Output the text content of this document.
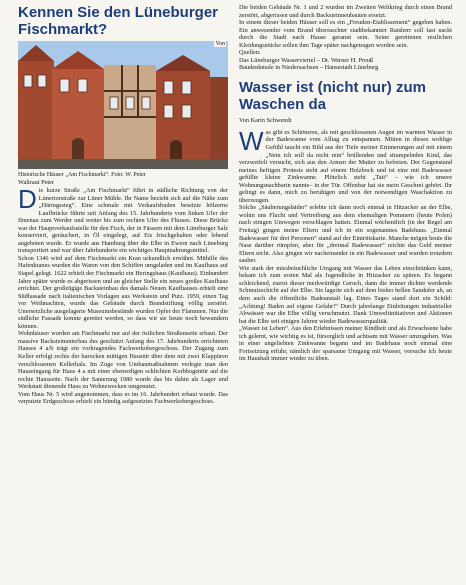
Kennen Sie den Lüneburger Fischmarkt?
Von
Historische Häuser „Am Fischmarkt“. Foto: W. Peter
Waltraut Peter
D ie kurze Straße „Am Fischmarkt“ führt in südliche Richtung von der Lünertorstraße zur Lüner Mühle. Ihr Name bezieht sich auf die Nähe zum „Häringssteg“. Eine schmale mit Verkaufsbuden besetzte hölzerne Laufbrücke führte seit Anfang des 15. Jahrhunderts vom linken Ufer der Ilmenau zum Werder und weiter bis zum rechten Ufer des Flusses. Diese Brücke war der Hauptverkaufsstelle für den Fisch, der in Fässern mit dem Lüneburger Salz konserviert, geräuchert, in Öl eingelegt, auf Eis frischgehalten oder lebend angeboten wurde. Er wurde aus Hamburg über die Elbe in Ewern nach Lüneburg transportiert und war über Jahrhunderte ein wichtiges Hauptnahrungsmittel.
Schon 1346 wird auf dem Fischmarkt ein Kran urkundlich erwähnt. Mithilfe des Hafenkranes wurden die Waren von den Schiffen umgeladen und im Kaufhaus auf Stapel gelegt. 1622 erhielt der Fischmarkt ein Heringshaus (Kaufhaus). Einhundert Jahre später wurde es abgerissen und an gleicher Stelle ein neues großes Kaufhaus errichtet. Der großzügige Backsteinbau des damals Neuen Kaufhauses erhielt eine Südfassade nach italienischen Vorlagen aus Werkstein und Putz. 1959, einen Tag vor Weihnachten, wurde das Gebäude durch Brandstiftung völlig zerstört. Unersetzliche ausgelagerte Museumsbestände wurden Opfer der Flammen. Nur die südliche Fassade konnte gerettet werden, so dass wir sie heute noch bewundern können.
Wohnhäuser wurden am Fischmarkt nur auf der östlichen Straßenseite erbaut. Der massive Backsteinunterbau des geschätzt Anfang des 17. Jahrhunderts errichteten Hauses 4 a/b trägt ein vorkragendes Fachwerkobergeschoss. Der Zugang zum Keller erfolgt rechts der barocken mittigen Haustür über dem mit zwei Klappüren verschlossenen Kellerhals. Im Zuge von Umbaumaßnahmen verlegte man den Hauseingang für Haus 4 a mit einer ebenerdigen schlichten Korbbogentür auf die rechte Hausseite. Nach der Sanierung 1980 wurde das bis dahin als Lager und Werkstatt dienende Haus zu Wohnzwecken umgenutzt.
Vom Haus Nr. 5 wird angenommen, dass es im 16. Jahrhundert erbaut wurde. Das verputzte Erdgeschoss erhielt ein bündig aufgesetztes Fachwerkobergeschoss.

Die beiden Gebäude Nr. 1 und 2 wurden im Zweiten Weltkrieg durch einen Brand zerstört, abgerissen und durch Backsteinneubauten ersetzt.
In einem dieser beiden Häuser soll es ein „Freuden-Etablissement“ gegeben haben. Ein anwesender vom Brand überraschter stadtbekannter Ratsherr soll fast nackt durch die Stadt nach Hause gerannt sein. Seine gerettenen restlichen Kleidungsstücke sollen ihm Tage später nachgetragen worden sein.

Quellen:
Das Lüneburger Wasserviertel – Dr. Werner H. Preuß
Baudenkmale in Niedersachsen – Hansestadt Lüneburg
Wasser ist (nicht nur) zum Waschen da
Von Karin Schwendt
W as gibt es Schöneres, als mit geschlossenen Augen im warmen Wasser in der Badewanne vom Alltag zu entspannen. Mitten in dieses wohlige Gefühl taucht ein Bild aus der Tiefe meiner Erinnerungen auf mit einem „Nein ich will da nicht rein“ brüllenden und strampelnden Kind, das verzweifelt versucht, sich aus den Armen der Mutter zu befreien. Der Gegenstand meines heftigen Protests steht auf einem Holzbock und ist eine mit Badewasser gefüllte kleine Zinkwanne. Plötzlich steht „Tati“ – wie ich unsere Wohnungsnachbarin nannte– in der Tür. Offenbar hat sie mein Geschrei gehört. Ihr gelingt es dann, mich zu beruhigen und von der notwendigen Waschaktion zu überzeugen.
Solche „Säuberungsbäder“ erlebte ich dann noch einmal in Hitzacker an der Elbe, wohin uns Flucht und Vertreibung aus dem ehemaligen Pommern (heute Polen) nach einigen Umwegen verschlagen hatten. Einmal wöchentlich (in der Regel am Freitag) gingen meine Eltern und ich in ein sogenanntes Badehaus. „Einmal Badewasser für drei Personen“ stand auf der Eintrittskarte. Manche mögen heute die Nase darüber rümpfen, aber für „dreimal Badewasser“ reichte das Geld meiner Eltern nicht. Also gingen wir nacheinander in ein Badewasser und wurden trotzdem sauber.
Wie stark der missbräuchliche Umgang mit Wasser das Leben einschränken kann, bekam ich zum ersten Mal als Jugendliche in Hitzacker zu spüren. Es begann schleichend, zuerst dieser merkwürdige Geruch, dann die immer dichter werdende Schmutzschicht auf der Elbe. Sie lagerte sich auf dem bisher hellen Sandufer ab, an dem auch die öffentliche Badeanstalt lag. Eines Tages stand dort ein Schild: „Achtung! Baden auf eigene Gefahr!“ Durch jahrelange Einleitungen industrieller Abwässer war die Elbe völlig verschmutzt. Dank Umweltinitiativen und Aktionen hat die Elbe seit einigen Jahren wieder Badewasserqualität.
„Wasser ist Leben“. Aus den Erlebnissen meiner Kindheit und als Erwachsene habe ich gelernt, wie wichtig es ist, fürsorglich und achtsam mit Wasser umzugehen. Was in einer ungeliebten Zinkwanne begann und im Badehaus noch einmal eine Fortsetzung erfuhr, nämlich der sparsame Umgang mit Wasser, versuche ich heute im Haushalt immer wieder zu üben.
